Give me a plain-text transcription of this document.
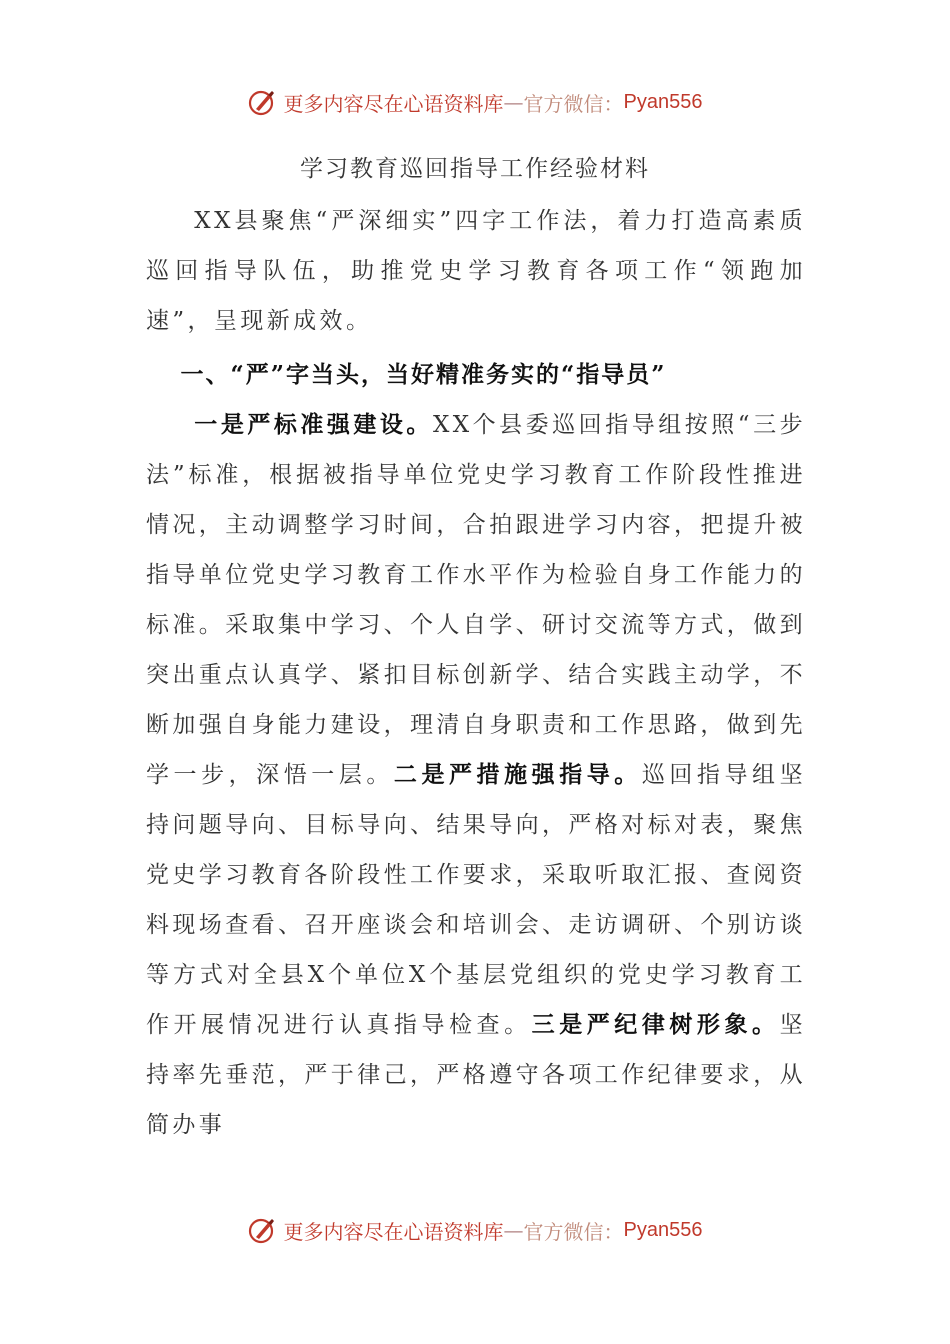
更多内容尽在心语资料库 — 官方微信： Pyan556
学习教育巡回指导工作经验材料

XX县聚焦“严深细实”四字工作法，着力打造高素质巡回指导队伍，助推党史学习教育各项工作“领跑加速”，呈现新成效。

一、“严”字当头，当好精准务实的“指导员”

一是严标准强建设。XX个县委巡回指导组按照“三步法”标准，根据被指导单位党史学习教育工作阶段性推进情况，主动调整学习时间，合拍跟进学习内容，把提升被指导单位党史学习教育工作水平作为检验自身工作能力的标准。采取集中学习、个人自学、研讨交流等方式，做到突出重点认真学、紧扣目标创新学、结合实践主动学，不断加强自身能力建设，理清自身职责和工作思路，做到先学一步，深悟一层。二是严措施强指导。巡回指导组坚持问题导向、目标导向、结果导向，严格对标对表，聚焦党史学习教育各阶段性工作要求，采取听取汇报、查阅资料现场查看、召开座谈会和培训会、走访调研、个别访谈等方式对全县X个单位X个基层党组织的党史学习教育工作开展情况进行认真指导检查。三是严纪律树形象。坚持率先垂范，严于律己，严格遵守各项工作纪律要求，从简办事

更多内容尽在心语资料库 — 官方微信： Pyan556
